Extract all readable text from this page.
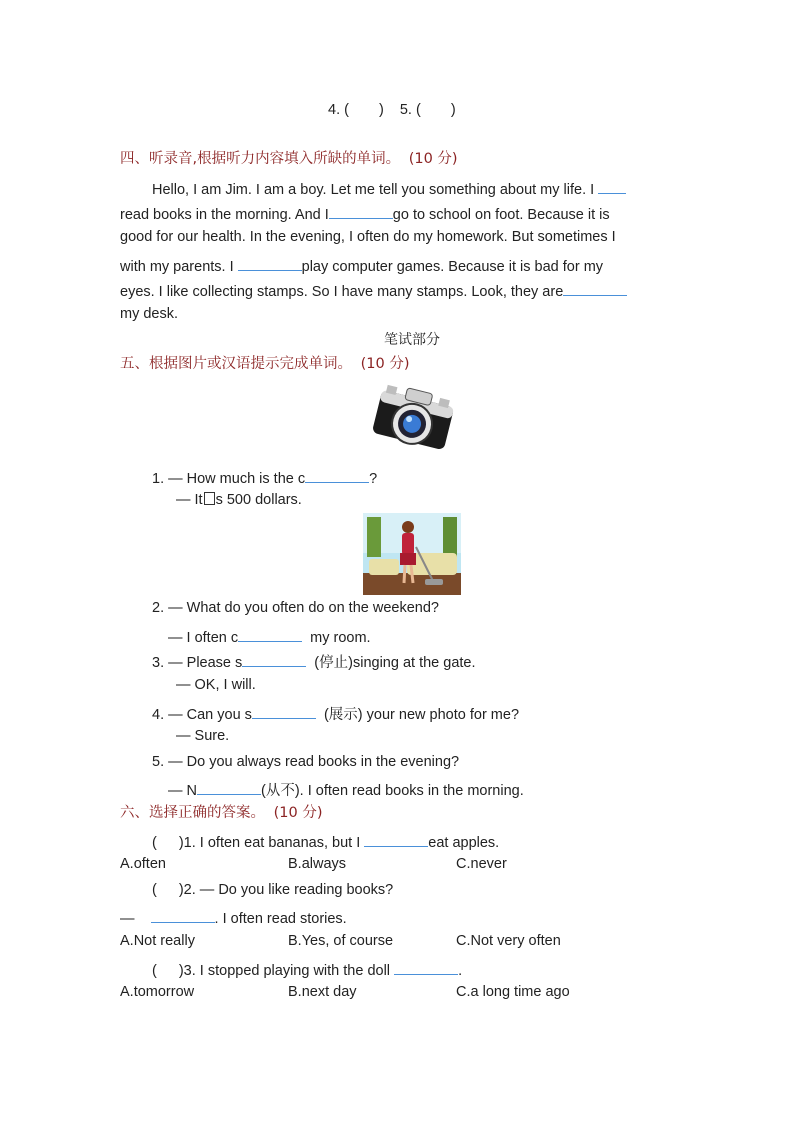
4. ( ) 5. ( )
四、听录音,根据听力内容填入所缺的单词。 (10 分)
Hello, I am Jim. I am a boy. Let me tell you something about my life. I
read books in the morning. And I	go to school on foot. Because it is
good for our health. In the evening, I often do my homework. But sometimes I
with my parents. I	play computer games. Because it is bad for my
eyes. I like collecting stamps. So I have many stamps. Look, they are
my desk.
笔试部分
五、根据图片或汉语提示完成单词。 (10 分)
1. — How much is the c	?
— It s 500 dollars.
2. — What do you often do on the weekend?
— I often c	my room.
3. — Please s	(停止)singing at the gate.
— OK, I will.
4. — Can you s	(展示) your new photo for me?
— Sure.
5. — Do you always read books in the evening?
— N	(从不). I often read books in the morning.
六、选择正确的答案。 (10 分)
( )1. I often eat bananas, but I	eat apples.
A.often	B.always	C.never
( )2. — Do you like reading books?
—	. I often read stories.
A.Not really	B.Yes, of course	C.Not very often
( )3. I stopped playing with the doll	.
A.tomorrow	B.next day	C.a long time ago
